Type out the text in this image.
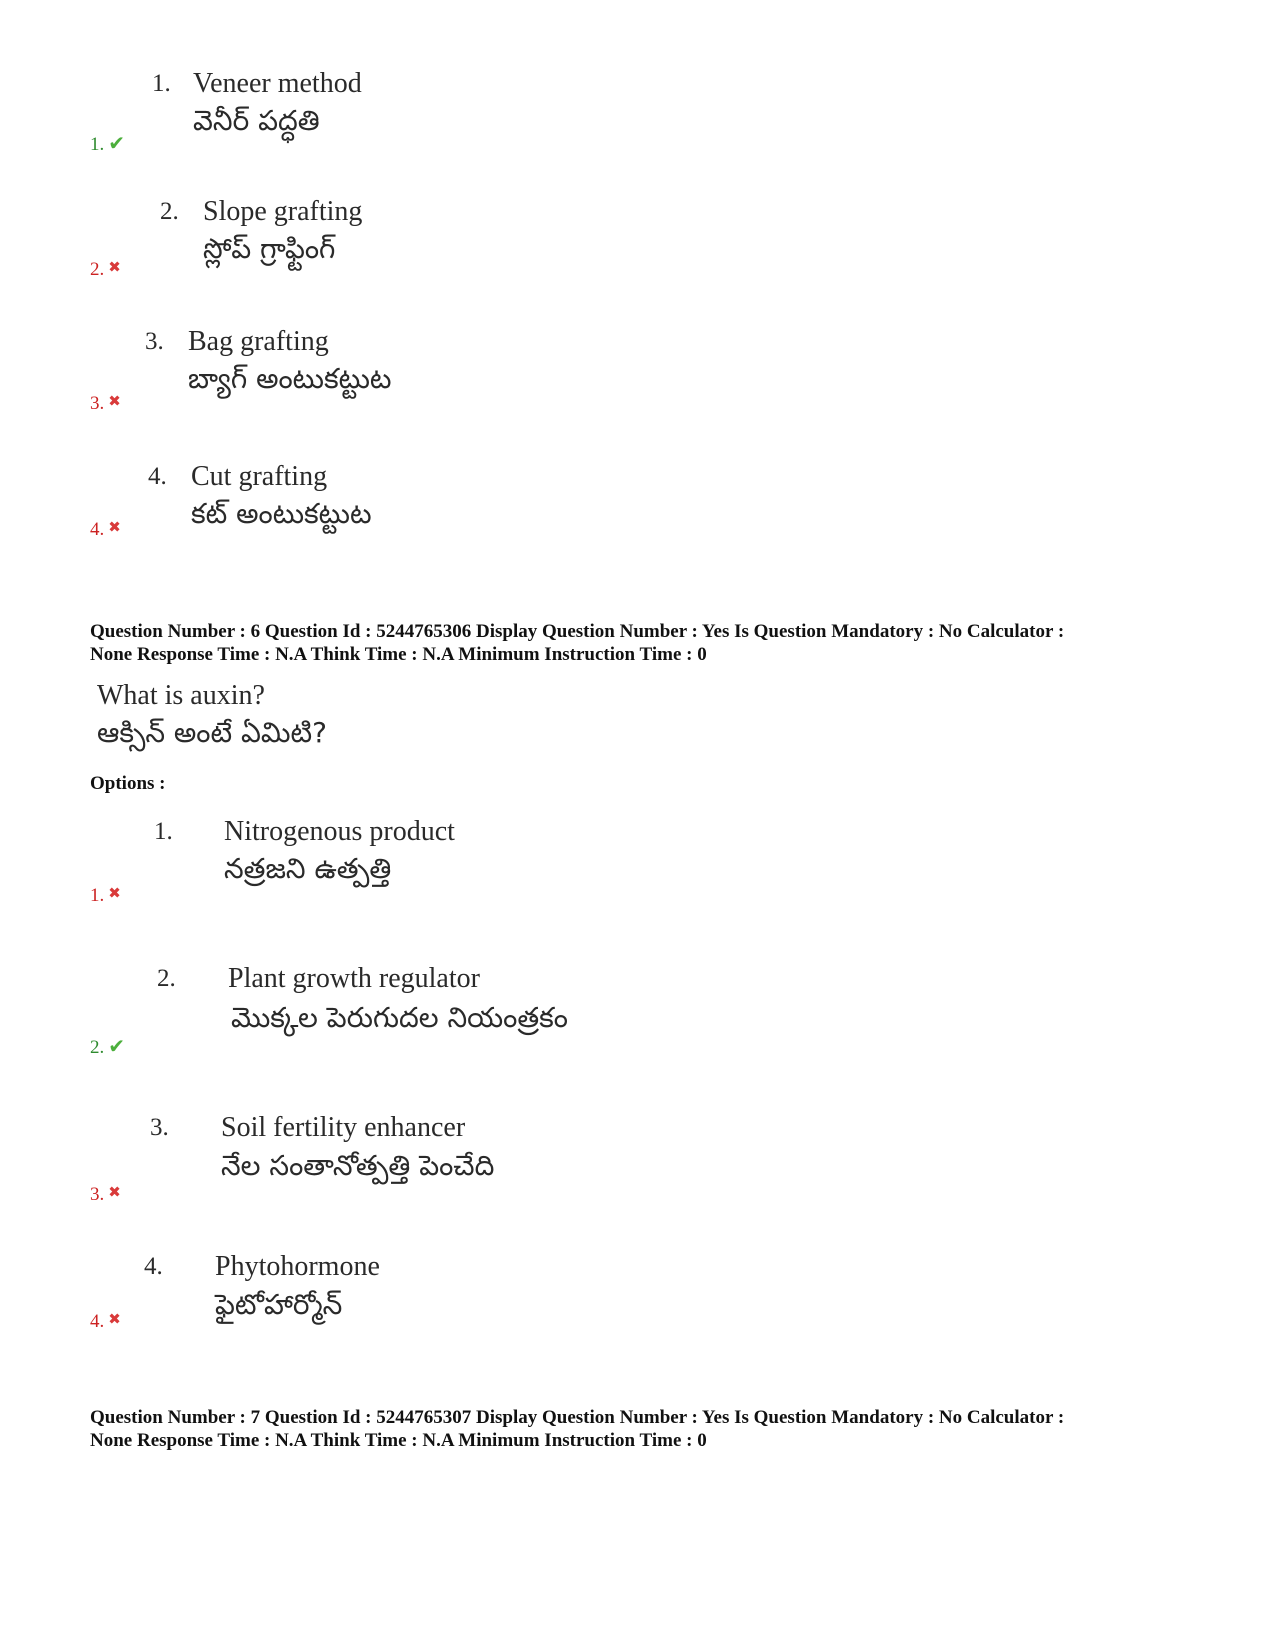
1. Veneer method
వెనీర్ పద్ధతి
1. ✔
2. Slope grafting
స్లోప్ గ్రాఫ్టింగ్
2. ✖
3. Bag grafting
బ్యాగ్ అంటుకట్టుట
3. ✖
4. Cut grafting
కట్ అంటుకట్టుట
4. ✖
Question Number : 6 Question Id : 5244765306 Display Question Number : Yes Is Question Mandatory : No Calculator :
None Response Time : N.A Think Time : N.A Minimum Instruction Time : 0
What is auxin?
ఆక్సిన్ అంటే ఏమిటి?
Options :
1. Nitrogenous product
నత్రజని ఉత్పత్తి
1. ✖
2. Plant growth regulator
మొక్కల పెరుగుదల నియంత్రకం
2. ✔
3. Soil fertility enhancer
నేల సంతానోత్పత్తి పెంచేది
3. ✖
4. Phytohormone
ఫైటోహార్మోన్
4. ✖
Question Number : 7 Question Id : 5244765307 Display Question Number : Yes Is Question Mandatory : No Calculator :
None Response Time : N.A Think Time : N.A Minimum Instruction Time : 0
